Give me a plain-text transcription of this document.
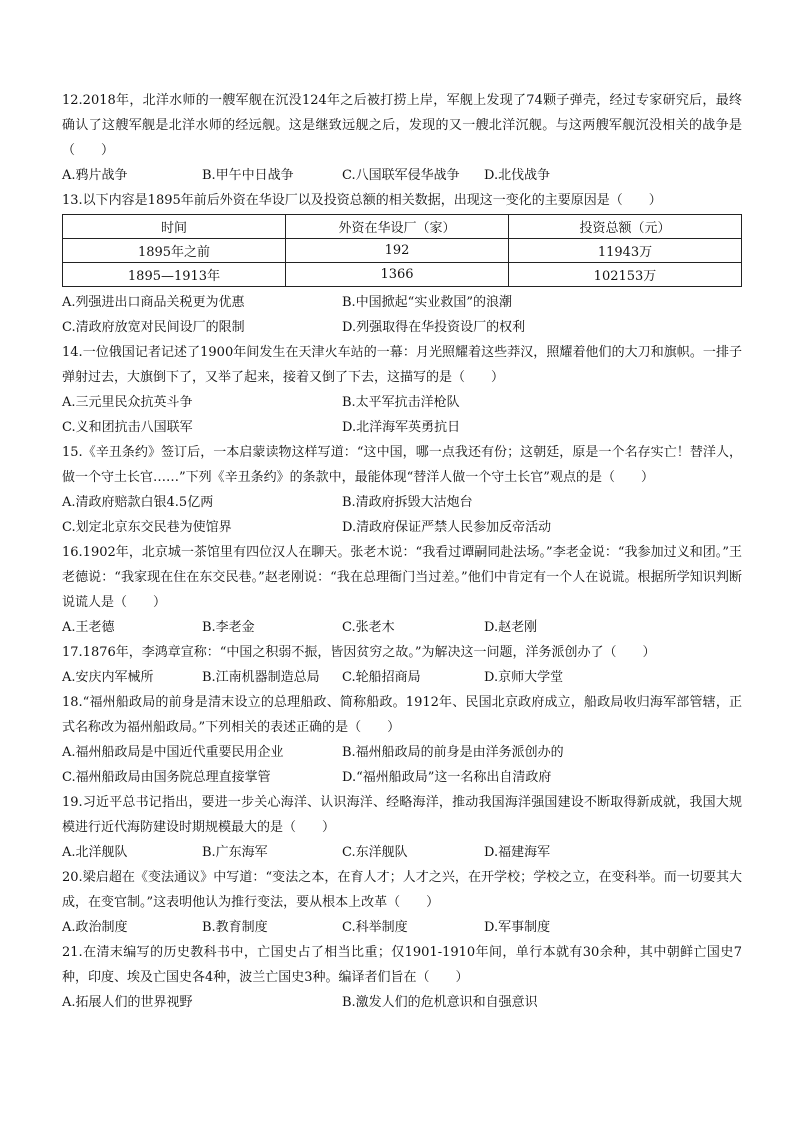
12.2018年，北洋水师的一艘军舰在沉没124年之后被打捞上岸，军舰上发现了74颗子弹壳，经过专家研究后，最终确认了这艘军舰是北洋水师的经远舰。这是继致远舰之后，发现的又一艘北洋沉舰。与这两艘军舰沉没相关的战争是（　　）

A.鸦片战争	B.甲午中日战争	C.八国联军侵华战争	D.北伐战争

13.以下内容是1895年前后外资在华设厂以及投资总额的相关数据，出现这一变化的主要原因是（　　）

时间	外资在华设厂（家）	投资总额（元）
1895年之前	192	11943万
1895—1913年	1366	102153万
A.列强进出口商品关税更为优惠	B.中国掀起“实业救国”的浪潮
C.清政府放宽对民间设厂的限制	D.列强取得在华投资设厂的权利

14.一位俄国记者记述了1900年间发生在天津火车站的一幕：月光照耀着这些莽汉，照耀着他们的大刀和旗帜。一排子弹射过去，大旗倒下了，又举了起来，接着又倒了下去，这描写的是（　　）

A.三元里民众抗英斗争	B.太平军抗击洋枪队
C.义和团抗击八国联军	D.北洋海军英勇抗日

15.《辛丑条约》签订后，一本启蒙读物这样写道：“这中国，哪一点我还有份；这朝廷，原是一个名存实亡！替洋人，做一个守土长官……”下列《辛丑条约》的条款中，最能体现“替洋人做一个守土长官”观点的是（　　）

A.清政府赔款白银4.5亿两	B.清政府拆毁大沽炮台
C.划定北京东交民巷为使馆界	D.清政府保证严禁人民参加反帝活动

16.1902年，北京城一茶馆里有四位汉人在聊天。张老木说：“我看过谭嗣同赴法场。”李老金说：“我参加过义和团。”王老德说：“我家现在住在东交民巷。”赵老刚说：“我在总理衙门当过差。”他们中肯定有一个人在说谎。根据所学知识判断说谎人是（　　）

A.王老德	B.李老金	C.张老木	D.赵老刚

17.1876年，李鸿章宣称：“中国之积弱不振，皆因贫穷之故。”为解决这一问题，洋务派创办了（　　）

A.安庆内军械所	B.江南机器制造总局	C.轮船招商局	D.京师大学堂

18.“福州船政局的前身是清末设立的总理船政、简称船政。1912年、民国北京政府成立，船政局收归海军部管辖，正式名称改为福州船政局。”下列相关的表述正确的是（　　）

A.福州船政局是中国近代重要民用企业	B.福州船政局的前身是由洋务派创办的
C.福州船政局由国务院总理直接掌管	D.“福州船政局”这一名称出自清政府

19.习近平总书记指出，要进一步关心海洋、认识海洋、经略海洋，推动我国海洋强国建设不断取得新成就，我国大规模进行近代海防建设时期规模最大的是（　　）

A.北洋舰队	B.广东海军	C.东洋舰队	D.福建海军

20.梁启超在《变法通议》中写道：“变法之本，在育人才；人才之兴，在开学校；学校之立，在变科举。而一切要其大成，在变官制。”这表明他认为推行变法，要从根本上改革（　　）

A.政治制度	B.教育制度	C.科举制度	D.军事制度

21.在清末编写的历史教科书中，亡国史占了相当比重；仅1901-1910年间，单行本就有30余种，其中朝鲜亡国史7种，印度、埃及亡国史各4种，波兰亡国史3种。编译者们旨在（　　）

A.拓展人们的世界视野	B.激发人们的危机意识和自强意识
